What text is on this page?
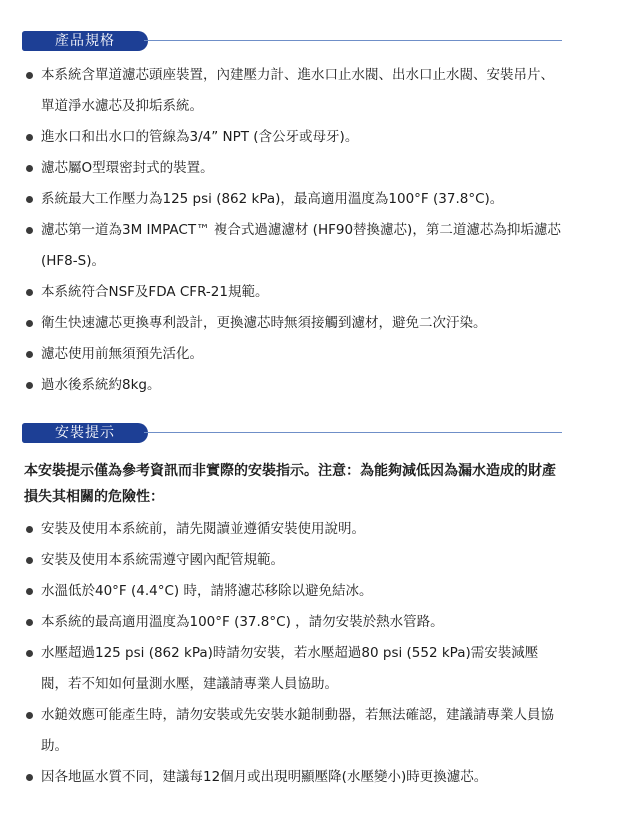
產品規格
本系統含單道濾芯頭座裝置，內建壓力計、進水口止水閥、出水口止水閥、安裝吊片、單道淨水濾芯及抑垢系統。
進水口和出水口的管線為3/4” NPT (含公牙或母牙)。
濾芯屬O型環密封式的裝置。
系統最大工作壓力為125 psi (862 kPa)，最高適用溫度為100°F (37.8°C)。
濾芯第一道為3M IMPACT™ 複合式過濾濾材 (HF90替換濾芯)，第二道濾芯為抑垢濾芯(HF8-S)。
本系統符合NSF及FDA CFR-21規範。
衛生快速濾芯更換專利設計，更換濾芯時無須接觸到濾材，避免二次汙染。
濾芯使用前無須預先活化。
過水後系統約8kg。
安裝提示
本安裝提示僅為參考資訊而非實際的安裝指示。注意：為能夠減低因為漏水造成的財產損失其相關的危險性：
安裝及使用本系統前，請先閱讀並遵循安裝使用說明。
安裝及使用本系統需遵守國內配管規範。
水溫低於40°F (4.4°C) 時，請將濾芯移除以避免結冰。
本系統的最高適用溫度為100°F (37.8°C) ，請勿安裝於熱水管路。
水壓超過125 psi (862 kPa)時請勿安裝，若水壓超過80 psi (552 kPa)需安裝減壓閥，若不知如何量測水壓，建議請專業人員協助。
水鎚效應可能產生時，請勿安裝或先安裝水鎚制動器，若無法確認，建議請專業人員協助。
因各地區水質不同，建議每12個月或出現明顯壓降(水壓變小)時更換濾芯。
